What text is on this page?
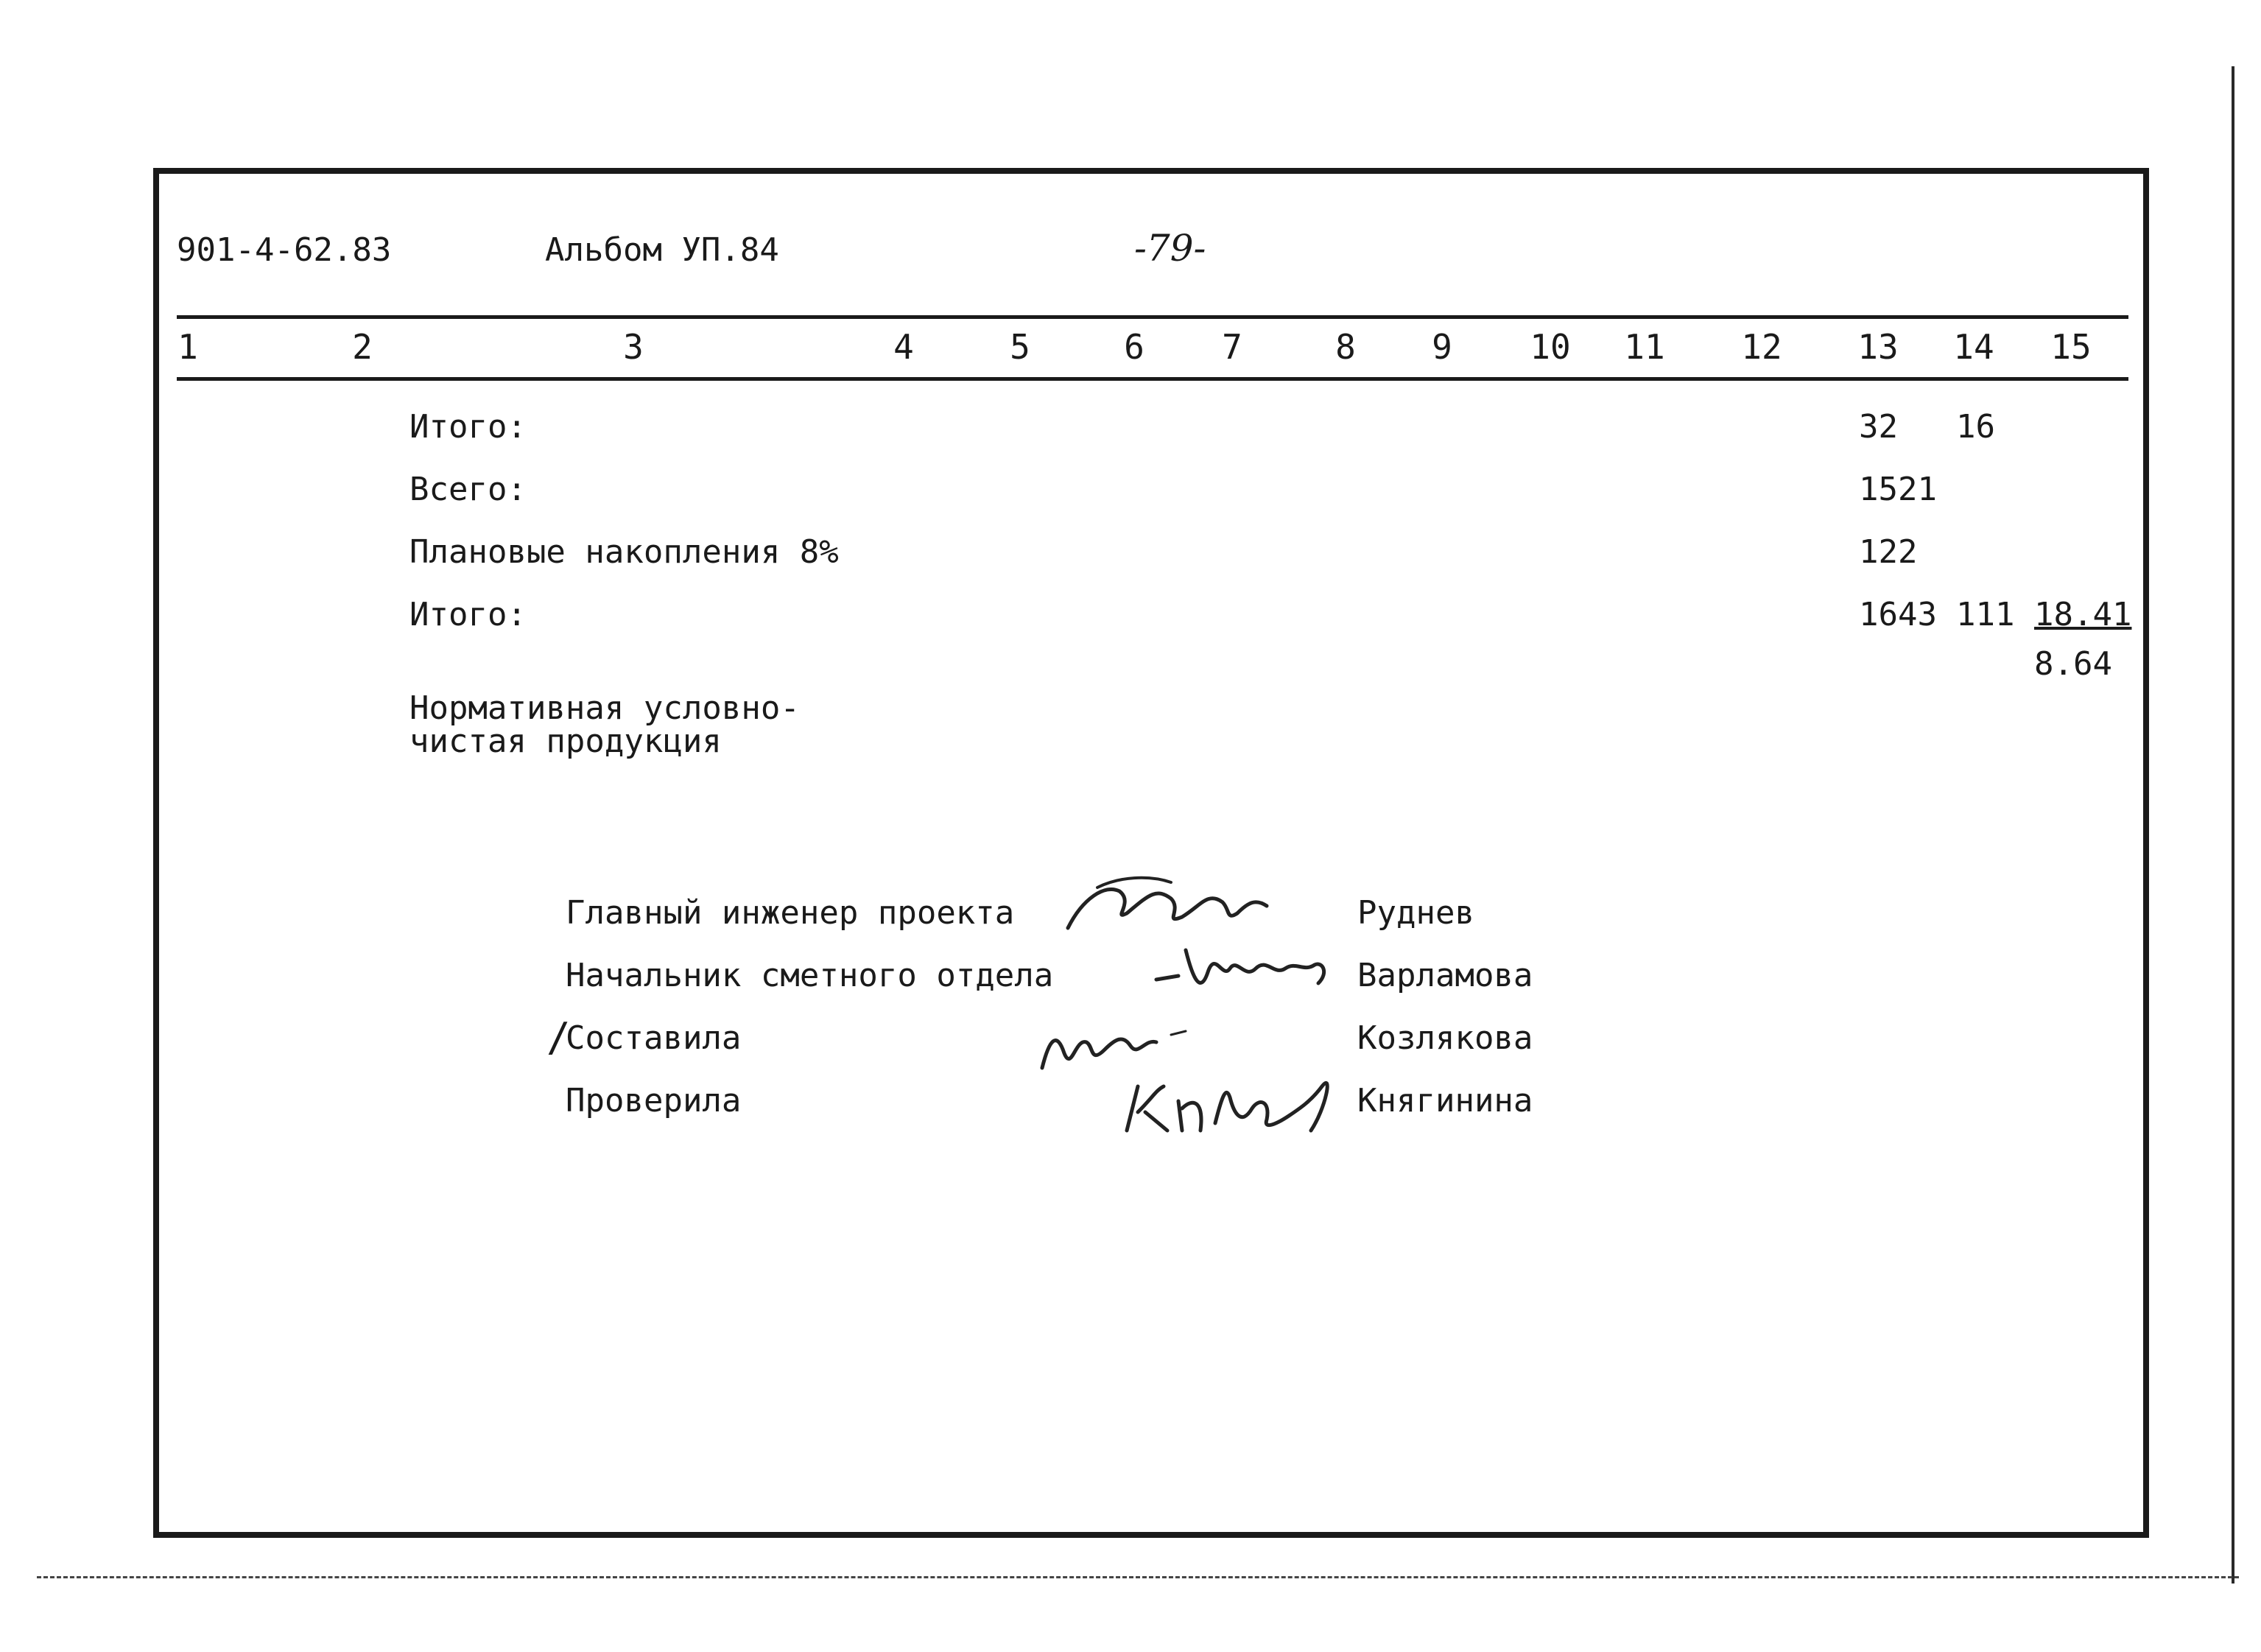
901-4-62.83	Альбом УП.84	-79-
1	2	3	4	5	6 7	8 9 10 11 12 13 14 15
Итого:	32 16
Всего:	1521
Плановые накопления 8%	122
Итого:	1643 111 18.41
8.64
Нормативная условно-
чистая продукция
Главный инженер проекта	Руднев
Начальник сметного отдела	Варламова
Составила	Козлякова
/
Проверила	Княгинина
